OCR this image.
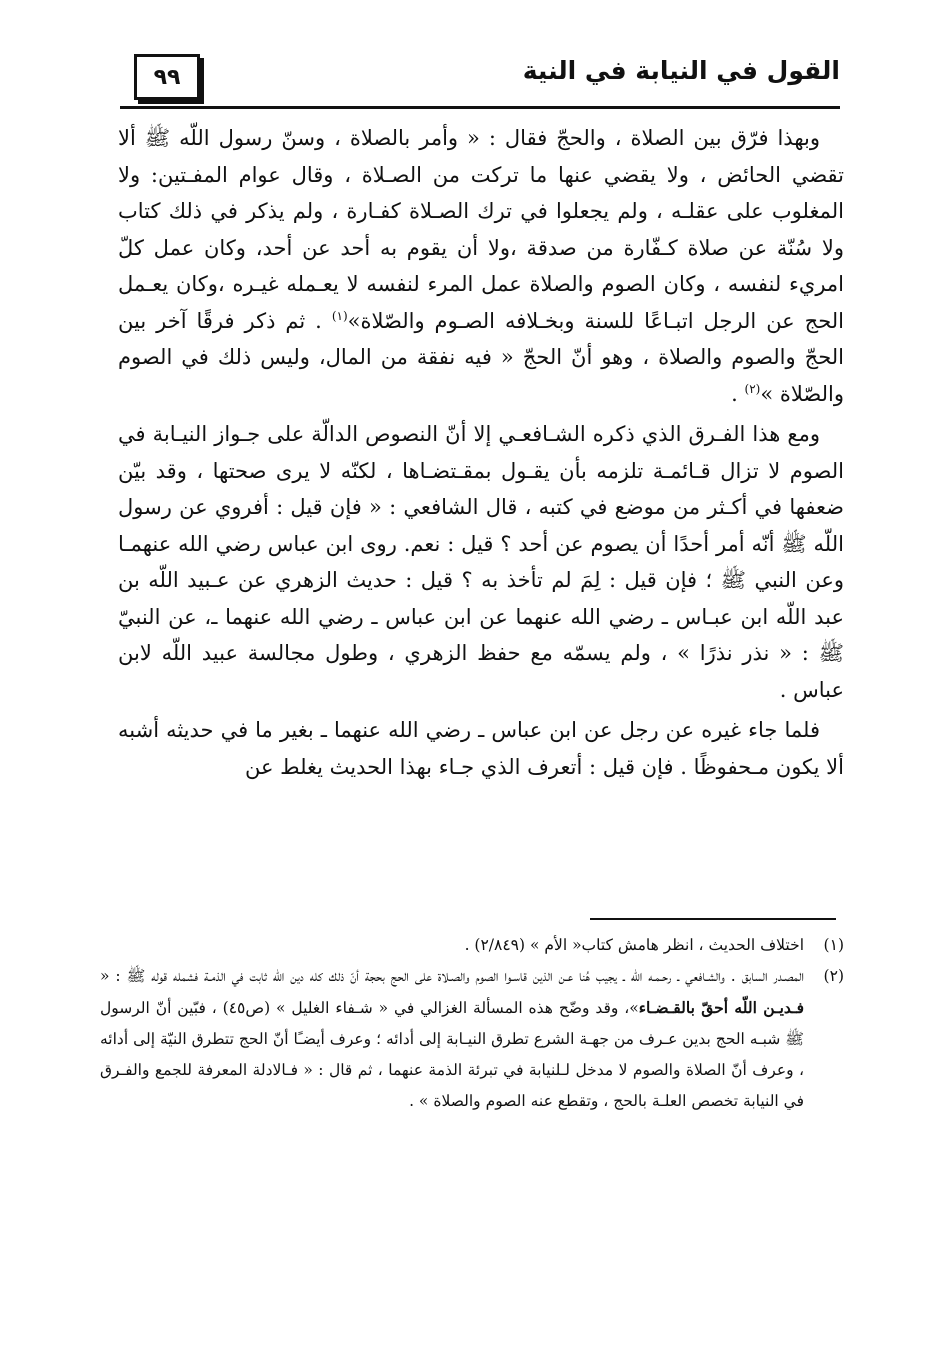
٩٩	القول في النيابة في النية

وبهذا فرّق بين الصلاة ، والحجّ فقال : « وأمر بالصلاة ، وسنّ رسول اللّه ﷺ ألا تقضي الحائض ، ولا يقضي عنها ما تركت من الصـلاة ، وقال عوام المفـتين: ولا المغلوب على عقلـه ، ولم يجعلوا في ترك الصـلاة كفـارة ، ولم يذكر في ذلك كتاب ولا سُنّة عن صلاة كـفّارة من صدقة ،ولا أن يقوم به أحد عن أحد، وكان عمل كلّ امريء لنفسه ، وكان الصوم والصلاة عمل المرء لنفسه لا يعـمله غيـره ،وكان يعـمل الحج عن الرجل اتبـاعًا للسنة وبخـلافه الصـوم والصّلاة»$^{(١)}$ . ثم ذكر فرقًا آخر بين الحجّ والصوم والصلاة ، وهو أنّ الحجّ « فيه نفقة من المال، وليس ذلك في الصوم والصّلاة »$^{(٢)}$ .

ومع هذا الفـرق الذي ذكره الشـافعـي إلا أنّ النصوص الدالّة على جـواز النيـابة في الصوم لا تزال قـائمـة تلزمه بأن يقـول بمقـتضـاها ، لكنّه لا يرى صحتها ، وقد بيّن ضعفها في أكـثر من موضع في كتبه ، قال الشافعي : « فإن قيل : أفروي عن رسول اللّه ﷺ أنّه أمر أحدًا أن يصوم عن أحد ؟ قيل : نعم. روى ابن عباس رضي الله عنهمـا وعن النبي ﷺ ؛ فإن قيل : لِمَ لم تأخذ به ؟ قيل : حديث الزهري عن عـبيد اللّه بن عبد اللّه ابن عبـاس ـ رضي الله عنهما عن ابن عباس ـ رضي الله عنهما ـ، عن النبيّ ﷺ : « نذر نذرًا » ، ولم يسمّه مع حفظ الزهري ، وطول مجالسة عبيد اللّه لابن عباس .

فلما جاء غيره عن رجل عن ابن عباس ـ رضي الله عنهما ـ بغير ما في حديثه أشبه ألا يكون مـحفوظًا . فإن قيل : أتعرف الذي جـاء بهذا الحديث يغلط عن

(١)
اختلاف الحديث ، انظر هامش كتاب« الأم » (٢/٨٤٩) .

(٢)
المصـدر السابق . والشـافعي ـ رحـمـه اللّه ـ يجيب هُنا عـن الذين قاسـوا الصوم والصـلاة على الحج بحجة أنّ ذلك كله دين اللّه ثابت في الذمـة فشمله قوله ﷺ : « فـديـن اللّه أحقّ بالقـضـاء»، وقد وضّح هذه المسألة الغزالي في « شـفاء الغليل » (ص٤٥) ، فبّين أنّ الرسول ﷺ شبـه الحج بدين عـرف من جهـة الشرع تطرق النيـابة إلى أدائه ؛ وعرف أيضـًا أنّ الحج تتطرق النيّة إلى أدائه ، وعرف أنّ الصلاة والصوم لا مدخل لـلنيابة في تبرئة الذمة عنهما ، ثم قال : « فـالادلة المعرفة للجمع والفـرق في النيابة تخصص العلـة بالحج ، وتقطع عنه الصوم والصلاة » .
